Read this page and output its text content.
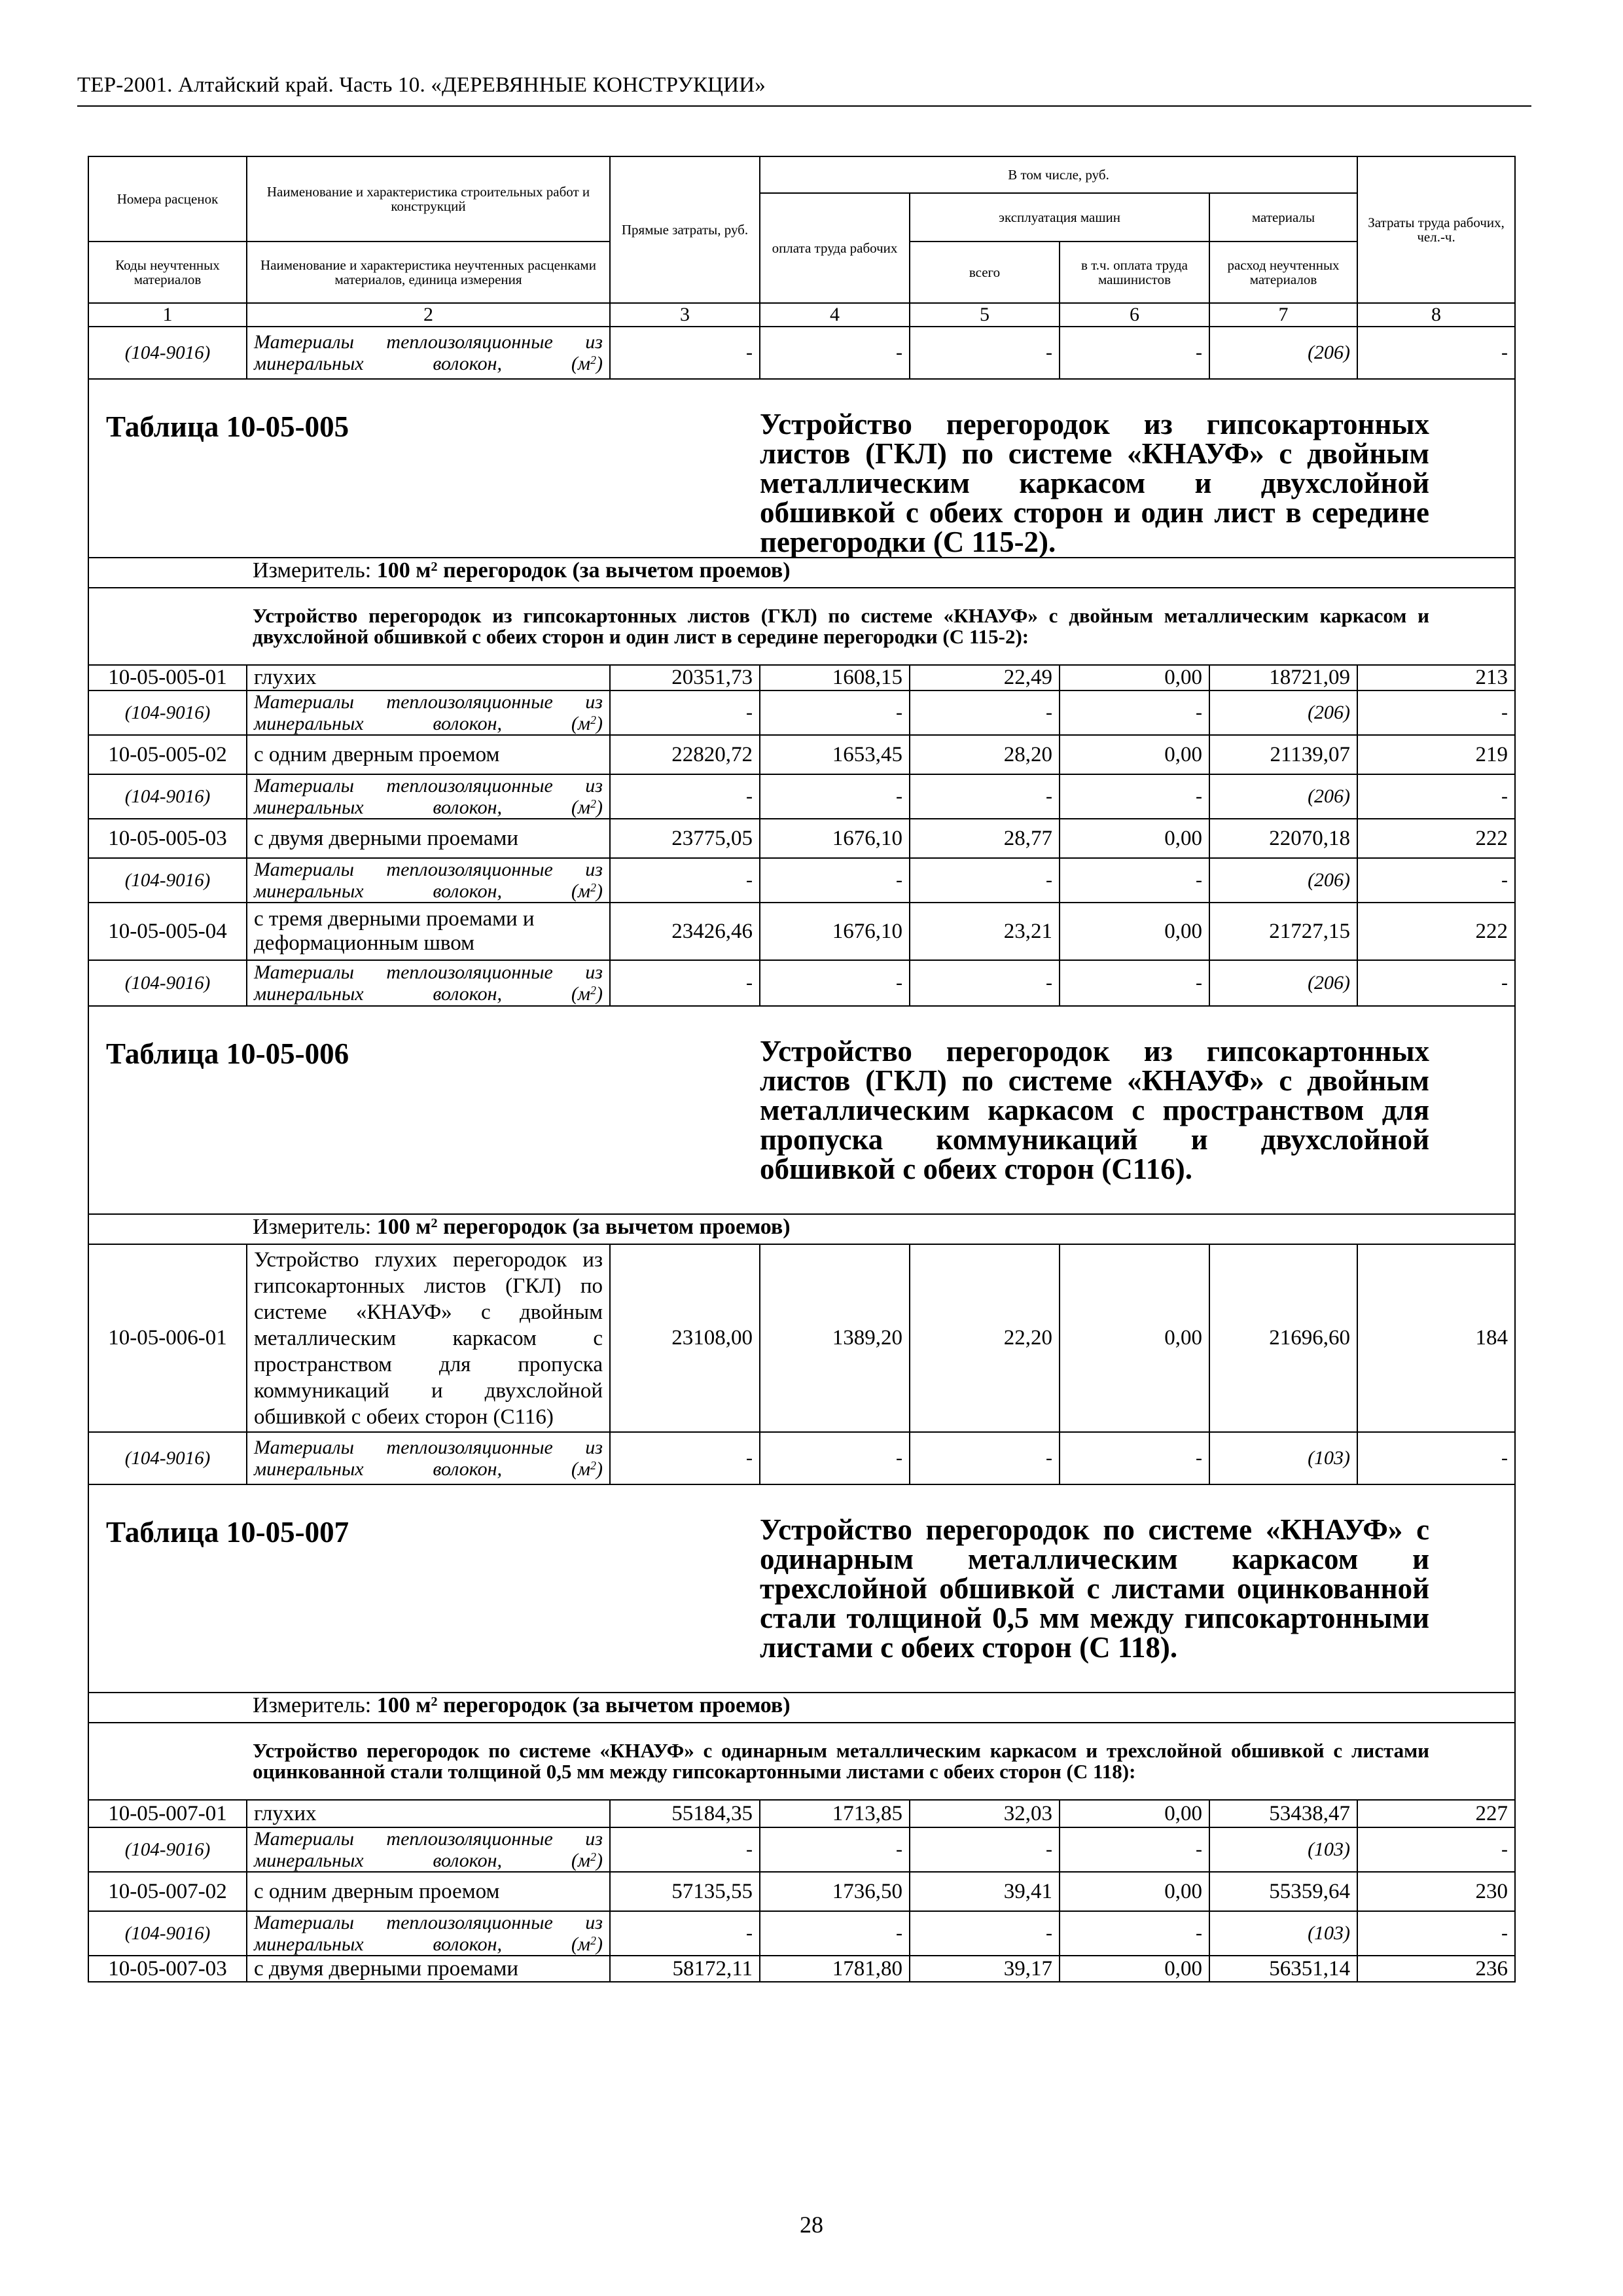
ТЕР-2001. Алтайский край. Часть 10. «ДЕРЕВЯННЫЕ КОНСТРУКЦИИ»
Номера расценок	Наименование и характеристика строительных работ и конструкций	Прямые затраты, руб.	В том числе, руб.				Затраты труда рабочих, чел.-ч.
			оплата труда рабочих	эксплуатация машин		материалы	
Коды неучтенных материалов	Наименование и характеристика неучтенных расценками материалов, единица измерения			всего	в т.ч. оплата труда машинистов	расход неучтенных материалов	
1	2	3	4	5	6	7	8
(104-9016)	Материалы теплоизоляционные из
минеральных волокон, $(м^2)$	-	-	-	-	(206)	-
Таблица 10-05-005			Устройство перегородок из гипсокартонных листов (ГКЛ) по системе «КНАУФ» с двойным металлическим каркасом и двухслойной обшивкой с обеих сторон и один лист в середине перегородки (С 115-2).				
Измеритель: 100 $м^2$ перегородок (за вычетом проемов)							
Устройство перегородок из гипсокартонных листов (ГКЛ) по системе «КНАУФ» с двойным металлическим каркасом и двухслойной обшивкой с обеих сторон и один лист в середине перегородки (С 115-2):							
10-05-005-01	глухих	20351,73	1608,15	22,49	0,00	18721,09	213
(104-9016)	Материалы теплоизоляционные из
минеральных волокон, $(м^2)$	-	-	-	-	(206)	-
10-05-005-02	с одним дверным проемом	22820,72	1653,45	28,20	0,00	21139,07	219
(104-9016)	Материалы теплоизоляционные из
минеральных волокон, $(м^2)$	-	-	-	-	(206)	-
10-05-005-03	с двумя дверными проемами	23775,05	1676,10	28,77	0,00	22070,18	222
(104-9016)	Материалы теплоизоляционные из
минеральных волокон, $(м^2)$	-	-	-	-	(206)	-
10-05-005-04	с тремя дверными проемами и деформационным швом	23426,46	1676,10	23,21	0,00	21727,15	222
(104-9016)	Материалы теплоизоляционные из
минеральных волокон, $(м^2)$	-	-	-	-	(206)	-
Таблица 10-05-006			Устройство перегородок из гипсокартонных листов (ГКЛ) по системе «КНАУФ» с двойным металлическим каркасом с пространством для пропуска коммуникаций и двухслойной обшивкой с обеих сторон (С116).				
Измеритель: 100 $м^2$ перегородок (за вычетом проемов)							
10-05-006-01	Устройство глухих перегородок из гипсокартонных листов (ГКЛ) по системе «КНАУФ» с двойным металлическим каркасом с пространством для пропуска коммуникаций и двухслойной обшивкой с обеих сторон (С116)	23108,00	1389,20	22,20	0,00	21696,60	184
(104-9016)	Материалы теплоизоляционные из
минеральных волокон, $(м^2)$	-	-	-	-	(103)	-
Таблица 10-05-007			Устройство перегородок по системе «КНАУФ» с одинарным металлическим каркасом и трехслойной обшивкой с листами оцинкованной стали толщиной 0,5 мм между гипсокартонными листами с обеих сторон (С 118).				
Измеритель: 100 $м^2$ перегородок (за вычетом проемов)							
Устройство перегородок по системе «КНАУФ» с одинарным металлическим каркасом и трехслойной обшивкой с листами оцинкованной стали толщиной 0,5 мм между гипсокартонными листами с обеих сторон (С 118):							
10-05-007-01	глухих	55184,35	1713,85	32,03	0,00	53438,47	227
(104-9016)	Материалы теплоизоляционные из
минеральных волокон, $(м^2)$	-	-	-	-	(103)	-
10-05-007-02	с одним дверным проемом	57135,55	1736,50	39,41	0,00	55359,64	230
(104-9016)	Материалы теплоизоляционные из
минеральных волокон, $(м^2)$	-	-	-	-	(103)	-
10-05-007-03	с двумя дверными проемами	58172,11	1781,80	39,17	0,00	56351,14	236
28
